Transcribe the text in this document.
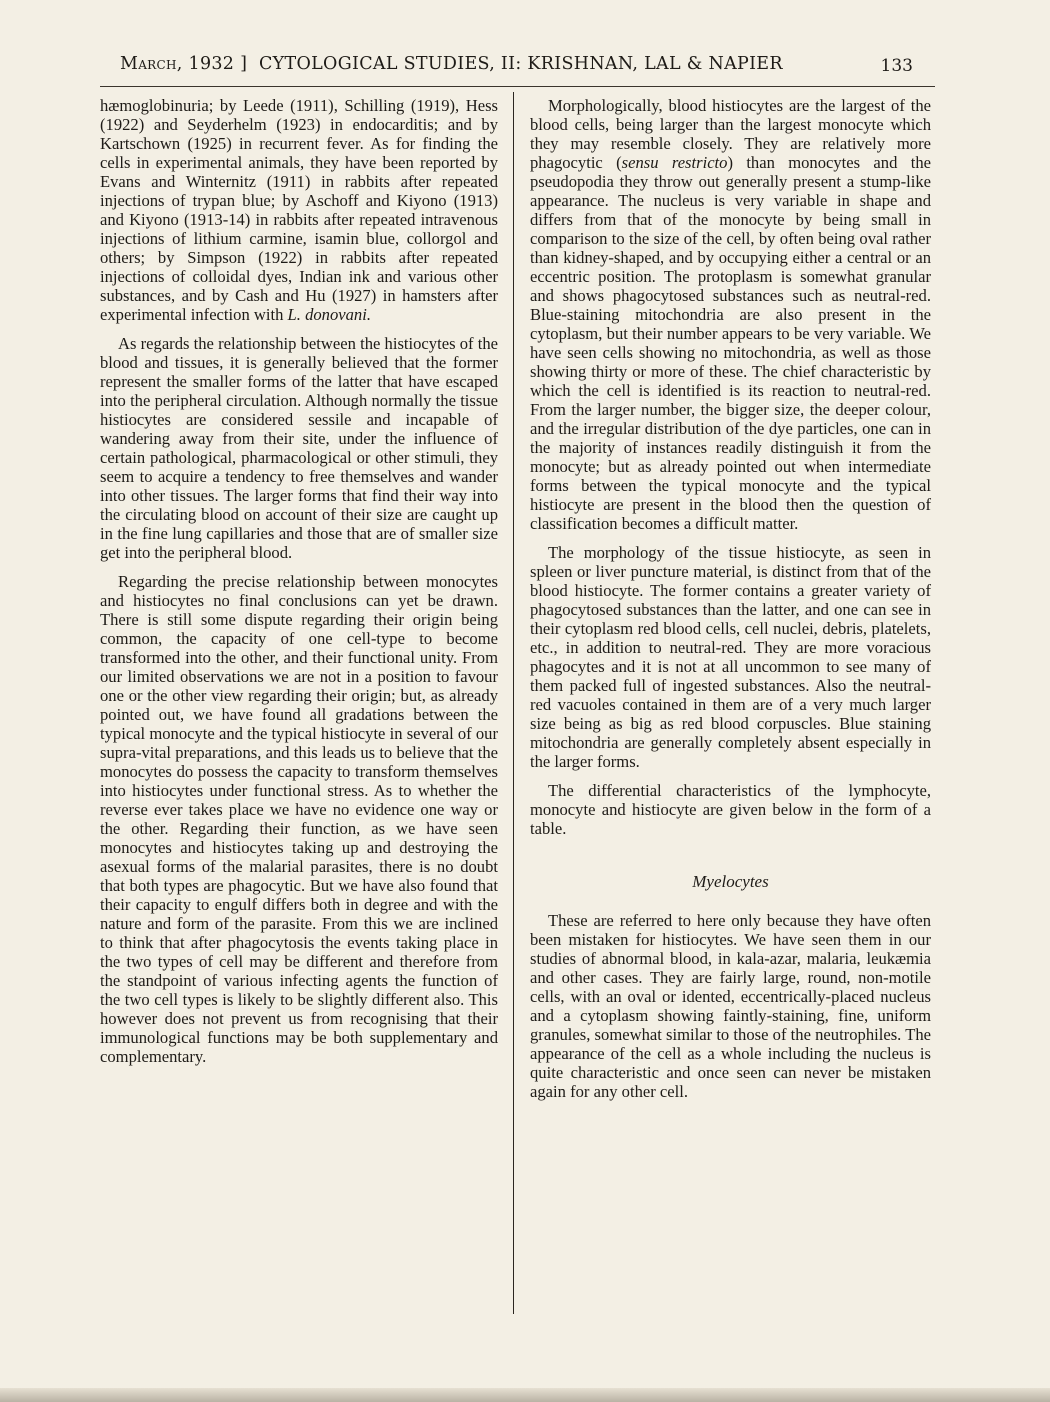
March, 1932 ] CYTOLOGICAL STUDIES, II: KRISHNAN, LAL & NAPIER	133

hæmoglobinuria; by Leede (1911), Schilling (1919), Hess (1922) and Seyderhelm (1923) in endocarditis; and by Kartschown (1925) in recurrent fever. As for finding the cells in experimental animals, they have been reported by Evans and Winternitz (1911) in rabbits after repeated injections of trypan blue; by Aschoff and Kiyono (1913) and Kiyono (1913-14) in rabbits after repeated intravenous injections of lithium carmine, isamin blue, collorgol and others; by Simpson (1922) in rabbits after repeated injections of colloidal dyes, Indian ink and various other substances, and by Cash and Hu (1927) in hamsters after experimental infection with L. donovani.

As regards the relationship between the histiocytes of the blood and tissues, it is generally believed that the former represent the smaller forms of the latter that have escaped into the peripheral circulation. Although normally the tissue histiocytes are considered sessile and incapable of wandering away from their site, under the influence of certain pathological, pharmacological or other stimuli, they seem to acquire a tendency to free themselves and wander into other tissues. The larger forms that find their way into the circulating blood on account of their size are caught up in the fine lung capillaries and those that are of smaller size get into the peripheral blood.

Regarding the precise relationship between monocytes and histiocytes no final conclusions can yet be drawn. There is still some dispute regarding their origin being common, the capacity of one cell-type to become transformed into the other, and their functional unity. From our limited observations we are not in a position to favour one or the other view regarding their origin; but, as already pointed out, we have found all gradations between the typical monocyte and the typical histiocyte in several of our supra-vital preparations, and this leads us to believe that the monocytes do possess the capacity to transform themselves into histiocytes under functional stress. As to whether the reverse ever takes place we have no evidence one way or the other. Regarding their function, as we have seen monocytes and histiocytes taking up and destroying the asexual forms of the malarial parasites, there is no doubt that both types are phagocytic. But we have also found that their capacity to engulf differs both in degree and with the nature and form of the parasite. From this we are inclined to think that after phagocytosis the events taking place in the two types of cell may be different and therefore from the standpoint of various infecting agents the function of the two cell types is likely to be slightly different also. This however does not prevent us from recognising that their immunological functions may be both supplementary and complementary.

Morphologically, blood histiocytes are the largest of the blood cells, being larger than the largest monocyte which they may resemble closely. They are relatively more phagocytic (sensu restricto) than monocytes and the pseudopodia they throw out generally present a stump-like appearance. The nucleus is very variable in shape and differs from that of the monocyte by being small in comparison to the size of the cell, by often being oval rather than kidney-shaped, and by occupying either a central or an eccentric position. The protoplasm is somewhat granular and shows phagocytosed substances such as neutral-red. Blue-staining mitochondria are also present in the cytoplasm, but their number appears to be very variable. We have seen cells showing no mitochondria, as well as those showing thirty or more of these. The chief characteristic by which the cell is identified is its reaction to neutral-red. From the larger number, the bigger size, the deeper colour, and the irregular distribution of the dye particles, one can in the majority of instances readily distinguish it from the monocyte; but as already pointed out when intermediate forms between the typical monocyte and the typical histiocyte are present in the blood then the question of classification becomes a difficult matter.

The morphology of the tissue histiocyte, as seen in spleen or liver puncture material, is distinct from that of the blood histiocyte. The former contains a greater variety of phagocytosed substances than the latter, and one can see in their cytoplasm red blood cells, cell nuclei, debris, platelets, etc., in addition to neutral-red. They are more voracious phagocytes and it is not at all uncommon to see many of them packed full of ingested substances. Also the neutral-red vacuoles contained in them are of a very much larger size being as big as red blood corpuscles. Blue staining mitochondria are generally completely absent especially in the larger forms.

The differential characteristics of the lymphocyte, monocyte and histiocyte are given below in the form of a table.

Myelocytes

These are referred to here only because they have often been mistaken for histiocytes. We have seen them in our studies of abnormal blood, in kala-azar, malaria, leukæmia and other cases. They are fairly large, round, non-motile cells, with an oval or idented, eccentrically-placed nucleus and a cytoplasm showing faintly-staining, fine, uniform granules, somewhat similar to those of the neutrophiles. The appearance of the cell as a whole including the nucleus is quite characteristic and once seen can never be mistaken again for any other cell.
